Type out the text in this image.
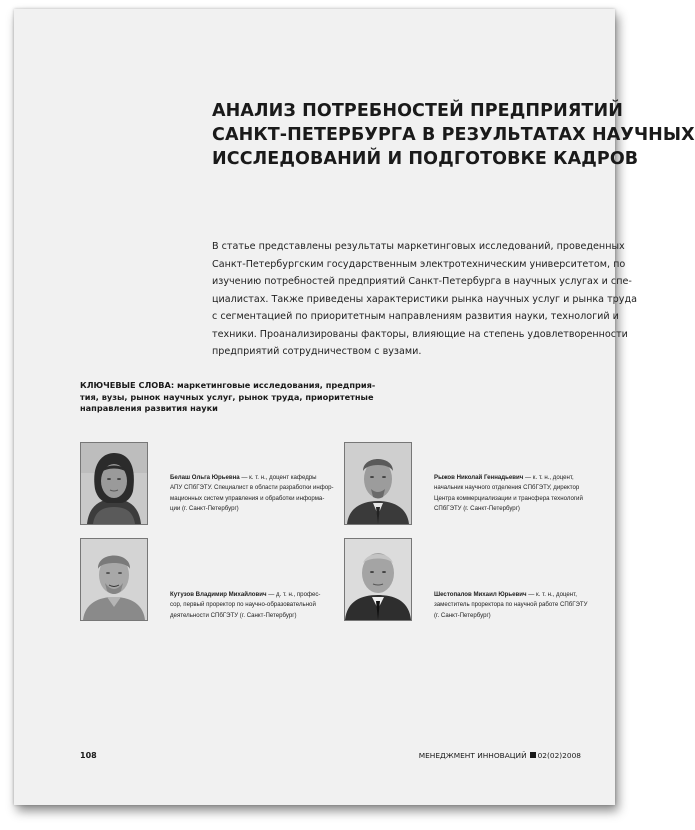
АНАЛИЗ ПОТРЕБНОСТЕЙ ПРЕДПРИЯТИЙ
САНКТ-ПЕТЕРБУРГА В РЕЗУЛЬТАТАХ НАУЧНЫХ
ИССЛЕДОВАНИЙ И ПОДГОТОВКЕ КАДРОВ
В статье представлены результаты маркетинговых исследований, проведенных
Санкт-Петербургским государственным электротехническим университетом, по
изучению потребностей предприятий Санкт-Петербурга в научных услугах и спе-
циалистах. Также приведены характеристики рынка научных услуг и рынка труда
с сегментацией по приоритетным направлениям развития науки, технологий и
техники. Проанализированы факторы, влияющие на степень удовлетворенности
предприятий сотрудничеством с вузами.
КЛЮЧЕВЫЕ СЛОВА: маркетинговые исследования, предприя-
тия, вузы, рынок научных услуг, рынок труда, приоритетные
направления развития науки
Белаш Ольга Юрьевна — к. т. н., доцент кафедры
АПУ СПбГЭТУ. Специалист в области разработки инфор-
мационных систем управления и обработки информа-
ции (г. Санкт-Петербург)
Рыжов Николай Геннадьевич — к. т. н., доцент,
начальник научного отделения СПбГЭТУ, директор
Центра коммерциализации и трансфера технологий
СПбГЭТУ (г. Санкт-Петербург)
Кутузов Владимир Михайлович — д. т. н., профес-
сор, первый проректор по научно-образовательной
деятельности СПбГЭТУ (г. Санкт-Петербург)
Шестопалов Михаил Юрьевич — к. т. н., доцент,
заместитель проректора по научной работе СПбГЭТУ
(г. Санкт-Петербург)
108	МЕНЕДЖМЕНТ ИННОВАЦИЙ 02(02)2008
